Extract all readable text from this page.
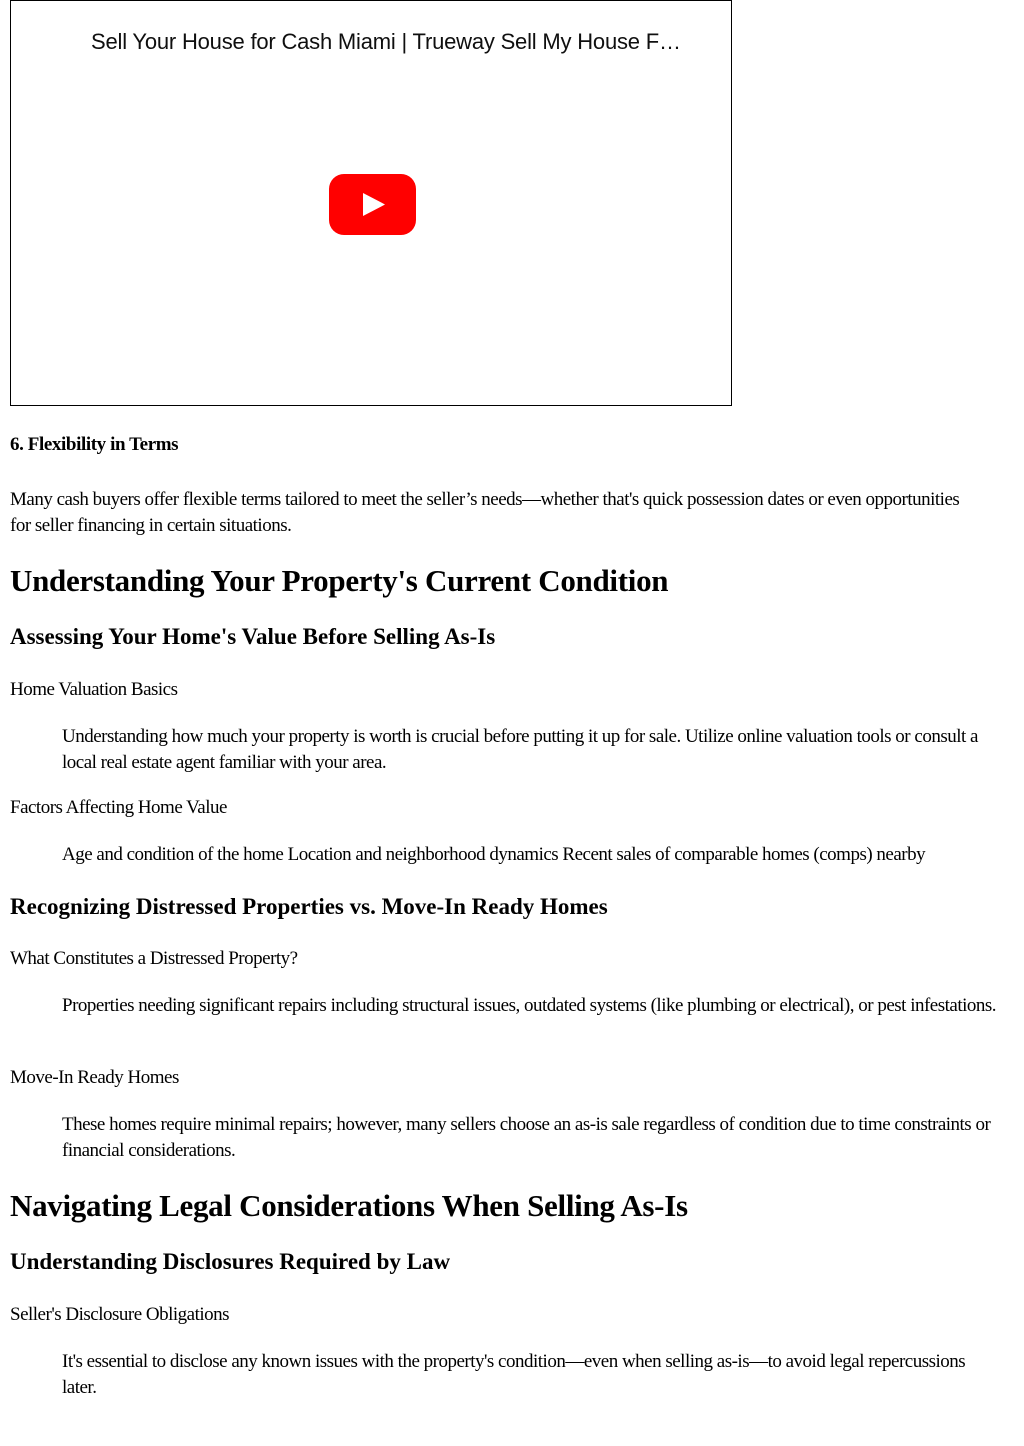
Sell Your House for Cash Miami | Trueway Sell My House F…
6. Flexibility in Terms
Many cash buyers offer flexible terms tailored to meet the seller’s needs—whether that's quick possession dates or even opportunities for seller financing in certain situations.
Understanding Your Property's Current Condition
Assessing Your Home's Value Before Selling As-Is
Home Valuation Basics
Understanding how much your property is worth is crucial before putting it up for sale. Utilize online valuation tools or consult a local real estate agent familiar with your area.
Factors Affecting Home Value
Age and condition of the home Location and neighborhood dynamics Recent sales of comparable homes (comps) nearby
Recognizing Distressed Properties vs. Move-In Ready Homes
What Constitutes a Distressed Property?
Properties needing significant repairs including structural issues, outdated systems (like plumbing or electrical), or pest infestations.
Move-In Ready Homes
These homes require minimal repairs; however, many sellers choose an as-is sale regardless of condition due to time constraints or financial considerations.
Navigating Legal Considerations When Selling As-Is
Understanding Disclosures Required by Law
Seller's Disclosure Obligations
It's essential to disclose any known issues with the property's condition—even when selling as-is—to avoid legal repercussions later.
